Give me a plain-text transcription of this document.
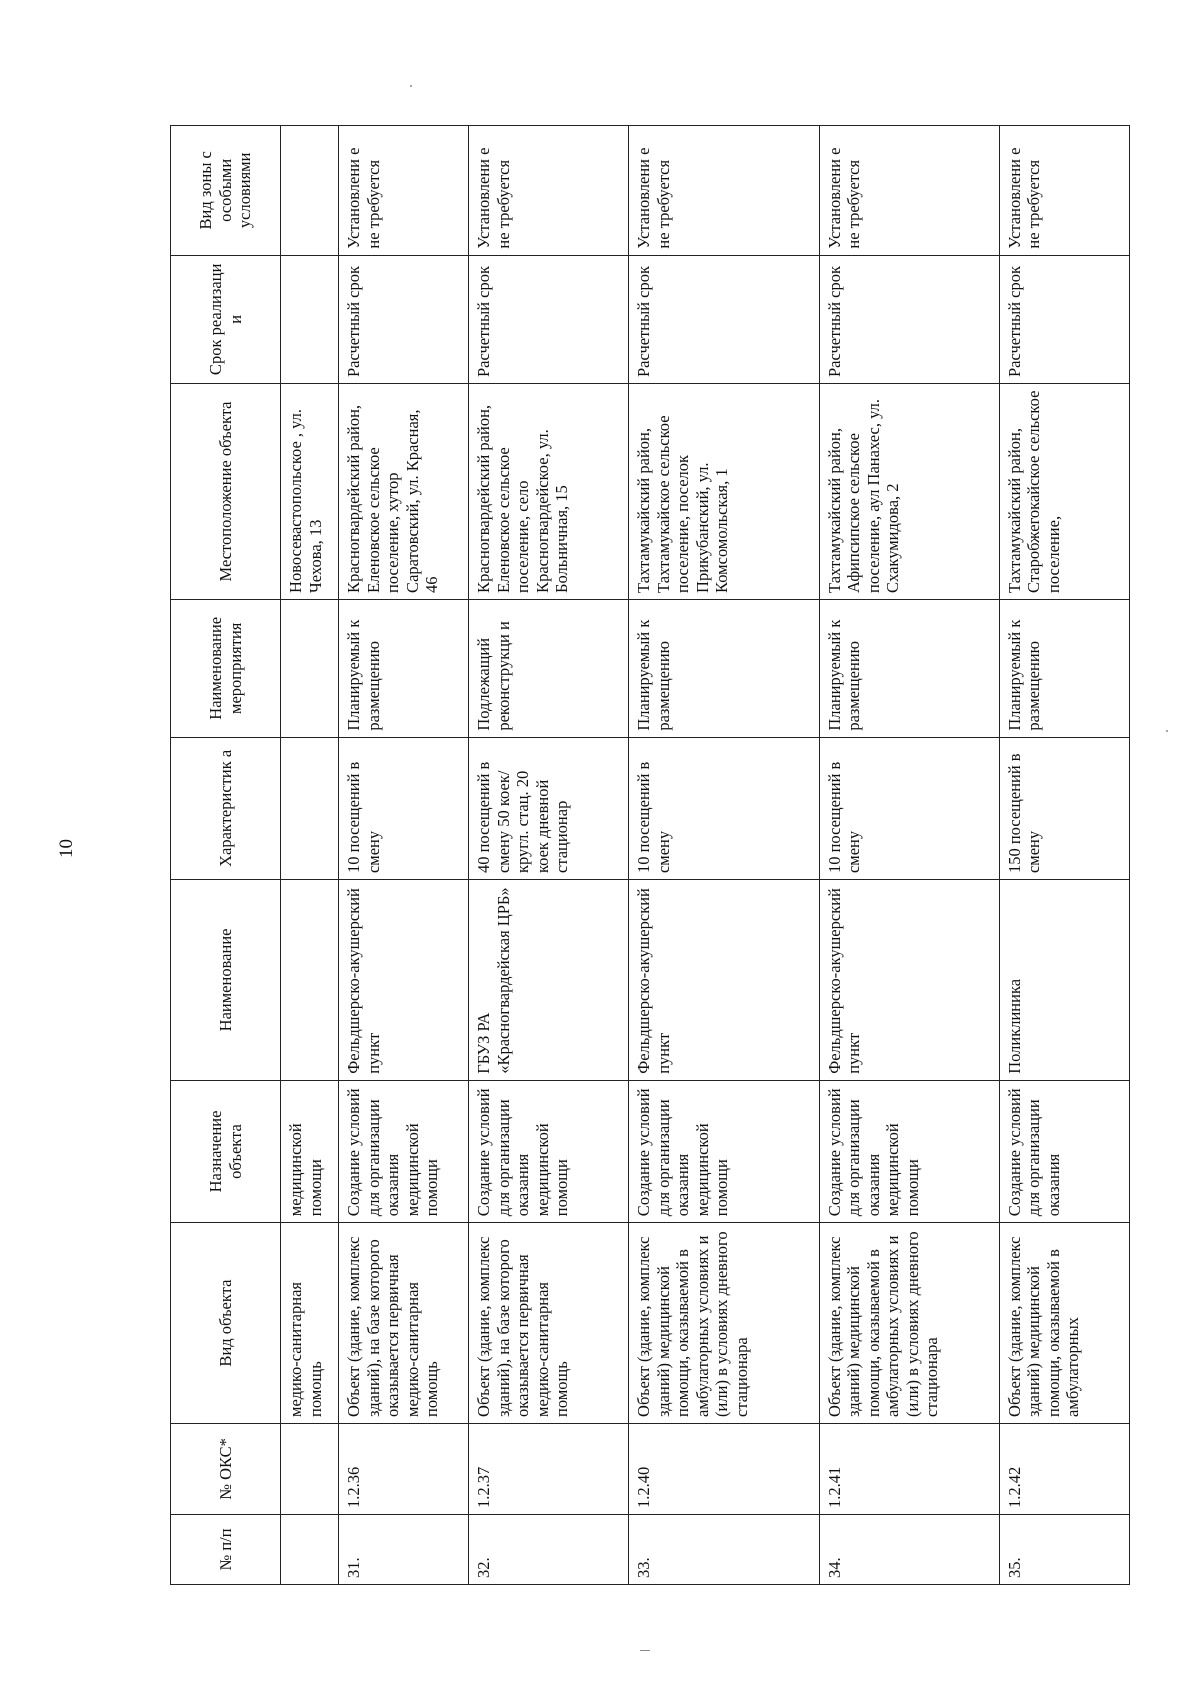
10
№ п/п	№ ОКС*	Вид объекта	Назначение объекта	Наименование	Характеристик а	Наименование мероприятия	Местоположение объекта	Срок реализаци и	Вид зоны с особыми условиями
		медико-санитарная помощь	медицинской помощи				Новосевастопольское , ул. Чехова, 13		
31.	1.2.36	Объект (здание, комплекс зданий), на базе которого оказывается первичная медико-санитарная помощь	Создание условий для организации оказания медицинской помощи	Фельдшерско-акушерский пункт	10 посещений в смену	Планируемый к размещению	Красногвардейский район, Еленовское сельское поселение, хутор Саратовский, ул. Красная, 46	Расчетный срок	Установлени е не требуется
32.	1.2.37	Объект (здание, комплекс зданий), на базе которого оказывается первичная медико-санитарная помощь	Создание условий для организации оказания медицинской помощи	ГБУЗ РА «Красногвардейская ЦРБ»	40 посещений в смену 50 коек/кругл. стац. 20 коек дневной стационар	Подлежащий реконструкци и	Красногвардейский район, Еленовское сельское поселение, село Красногвардейское, ул. Больничная, 15	Расчетный срок	Установлени е не требуется
33.	1.2.40	Объект (здание, комплекс зданий) медицинской помощи, оказываемой в амбулаторных условиях и (или) в условиях дневного стационара	Создание условий для организации оказания медицинской помощи	Фельдшерско-акушерский пункт	10 посещений в смену	Планируемый к размещению	Тахтамукайский район, Тахтамукайское сельское поселение, поселок Прикубанский, ул. Комсомольская, 1	Расчетный срок	Установлени е не требуется
34.	1.2.41	Объект (здание, комплекс зданий) медицинской помощи, оказываемой в амбулаторных условиях и (или) в условиях дневного стационара	Создание условий для организации оказания медицинской помощи	Фельдшерско-акушерский пункт	10 посещений в смену	Планируемый к размещению	Тахтамукайский район, Афипсипское сельское поселение, аул Панахес, ул. Схакумидова, 2	Расчетный срок	Установлени е не требуется
35.	1.2.42	Объект (здание, комплекс зданий) медицинской помощи, оказываемой в амбулаторных	Создание условий для организации оказания	Поликлиника	150 посещений в смену	Планируемый к размещению	Тахтамукайский район, Старобжегокайское сельское поселение,	Расчетный срок	Установлени е не требуется
